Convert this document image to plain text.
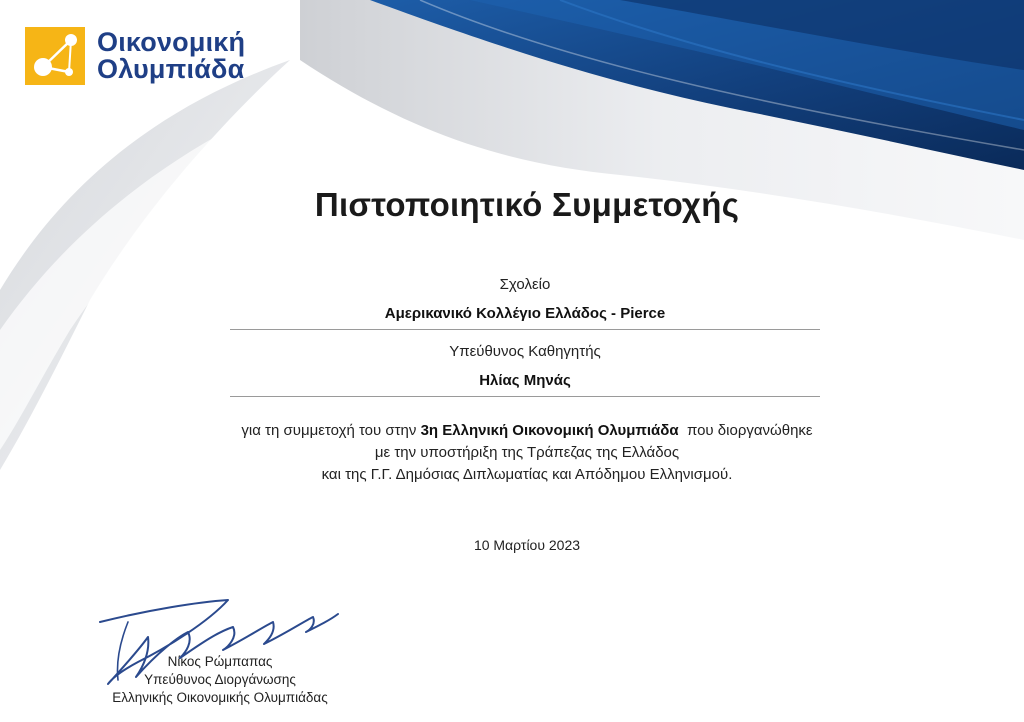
Οικονομική
Ολυμπιάδα
Πιστοποιητικό Συμμετοχής
Σχολείο
Αμερικανικό Κολλέγιο Ελλάδος - Pierce
Υπεύθυνος Καθηγητής
Ηλίας Μηνάς
για τη συμμετοχή του στην 3η Ελληνική Οικονομική Ολυμπιάδα που διοργανώθηκε
με την υποστήριξη της Τράπεζας της Ελλάδος
και της Γ.Γ. Δημόσιας Διπλωματίας και Απόδημου Ελληνισμού.
10 Μαρτίου 2023
Νίκος Ρώμπαπας
Υπεύθυνος Διοργάνωσης
Ελληνικής Οικονομικής Ολυμπιάδας
